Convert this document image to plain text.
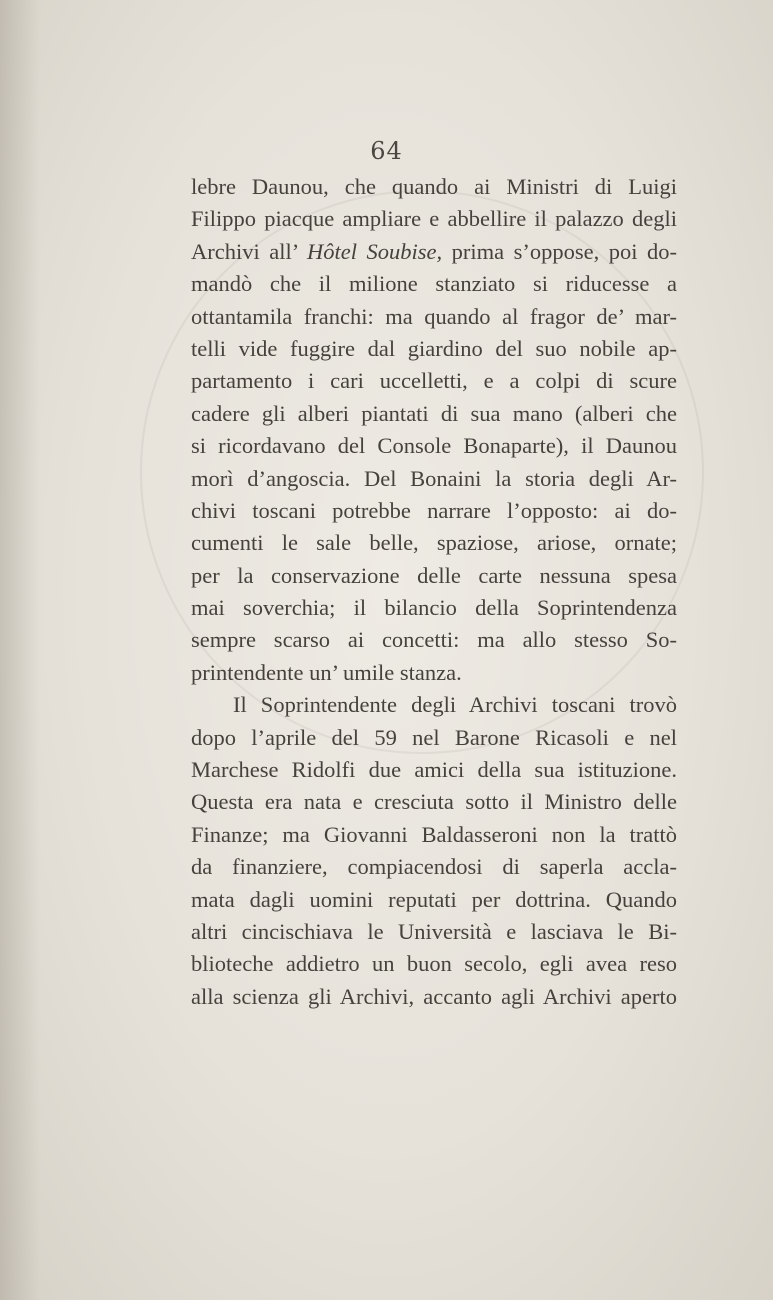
64
lebre Daunou, che quando ai Ministri di Luigi
Filippo piacque ampliare e abbellire il palazzo degli
Archivi all’ Hôtel Soubise, prima s’oppose, poi do-
mandò che il milione stanziato si riducesse a
ottantamila franchi: ma quando al fragor de’ mar-
telli vide fuggire dal giardino del suo nobile ap-
partamento i cari uccelletti, e a colpi di scure
cadere gli alberi piantati di sua mano (alberi che
si ricordavano del Console Bonaparte), il Daunou
morì d’angoscia. Del Bonaini la storia degli Ar-
chivi toscani potrebbe narrare l’opposto: ai do-
cumenti le sale belle, spaziose, ariose, ornate;
per la conservazione delle carte nessuna spesa
mai soverchia; il bilancio della Soprintendenza
sempre scarso ai concetti: ma allo stesso So-
printendente un’ umile stanza.
Il Soprintendente degli Archivi toscani trovò
dopo l’aprile del 59 nel Barone Ricasoli e nel
Marchese Ridolfi due amici della sua istituzione.
Questa era nata e cresciuta sotto il Ministro delle
Finanze; ma Giovanni Baldasseroni non la trattò
da finanziere, compiacendosi di saperla accla-
mata dagli uomini reputati per dottrina. Quando
altri cincischiava le Università e lasciava le Bi-
blioteche addietro un buon secolo, egli avea reso
alla scienza gli Archivi, accanto agli Archivi aperto
